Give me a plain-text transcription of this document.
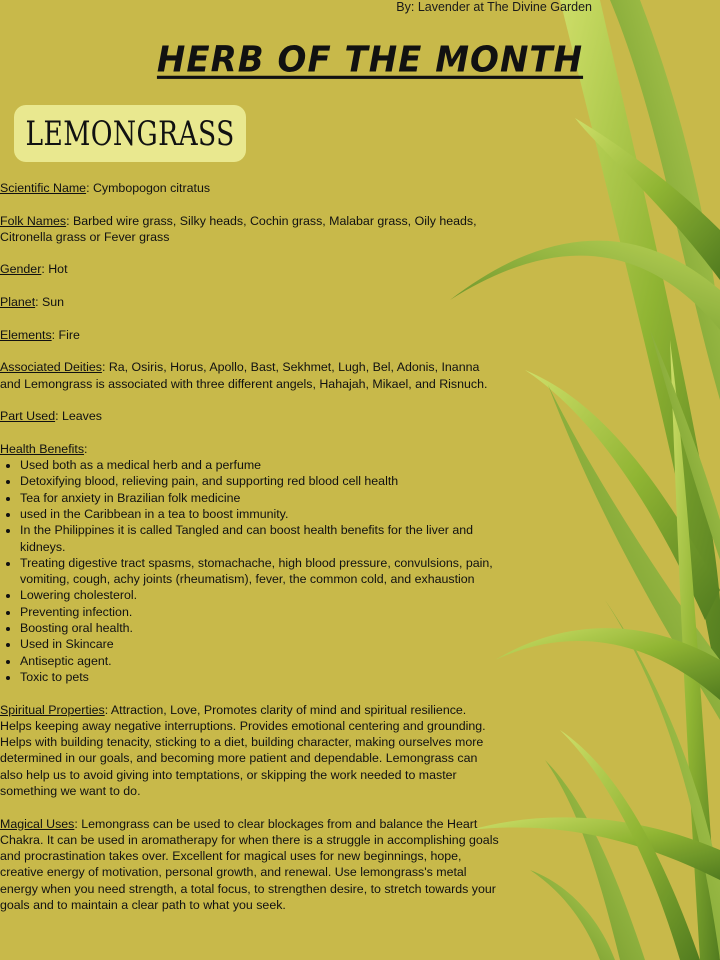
By: Lavender at The Divine Garden
HERB OF THE MONTH
LEMONGRASS

Scientific Name: Cymbopogon citratus

Folk Names: Barbed wire grass, Silky heads, Cochin grass, Malabar grass, Oily heads, Citronella grass or Fever grass

Gender: Hot

Planet: Sun

Elements: Fire

Associated Deities: Ra, Osiris, Horus, Apollo, Bast, Sekhmet, Lugh, Bel, Adonis, Inanna and Lemongrass is associated with three different angels, Hahajah, Mikael, and Risnuch.

Part Used: Leaves

Health Benefits:
• Used both as a medical herb and a perfume
• Detoxifying blood, relieving pain, and supporting red blood cell health
• Tea for anxiety in Brazilian folk medicine
• used in the Caribbean in a tea to boost immunity.
• In the Philippines it is called Tangled and can boost health benefits for the liver and kidneys.
• Treating digestive tract spasms, stomachache, high blood pressure, convulsions, pain, vomiting, cough, achy joints (rheumatism), fever, the common cold, and exhaustion
• Lowering cholesterol.
• Preventing infection.
• Boosting oral health.
• Used in Skincare
• Antiseptic agent.
• Toxic to pets

Spiritual Properties: Attraction, Love, Promotes clarity of mind and spiritual resilience. Helps keeping away negative interruptions. Provides emotional centering and grounding. Helps with building tenacity, sticking to a diet, building character, making ourselves more determined in our goals, and becoming more patient and dependable. Lemongrass can also help us to avoid giving into temptations, or skipping the work needed to master something we want to do.

Magical Uses: Lemongrass can be used to clear blockages from and balance the Heart Chakra. It can be used in aromatherapy for when there is a struggle in accomplishing goals and procrastination takes over. Excellent for magical uses for new beginnings, hope, creative energy of motivation, personal growth, and renewal. Use lemongrass's metal energy when you need strength, a total focus, to strengthen desire, to stretch towards your goals and to maintain a clear path to what you seek.
